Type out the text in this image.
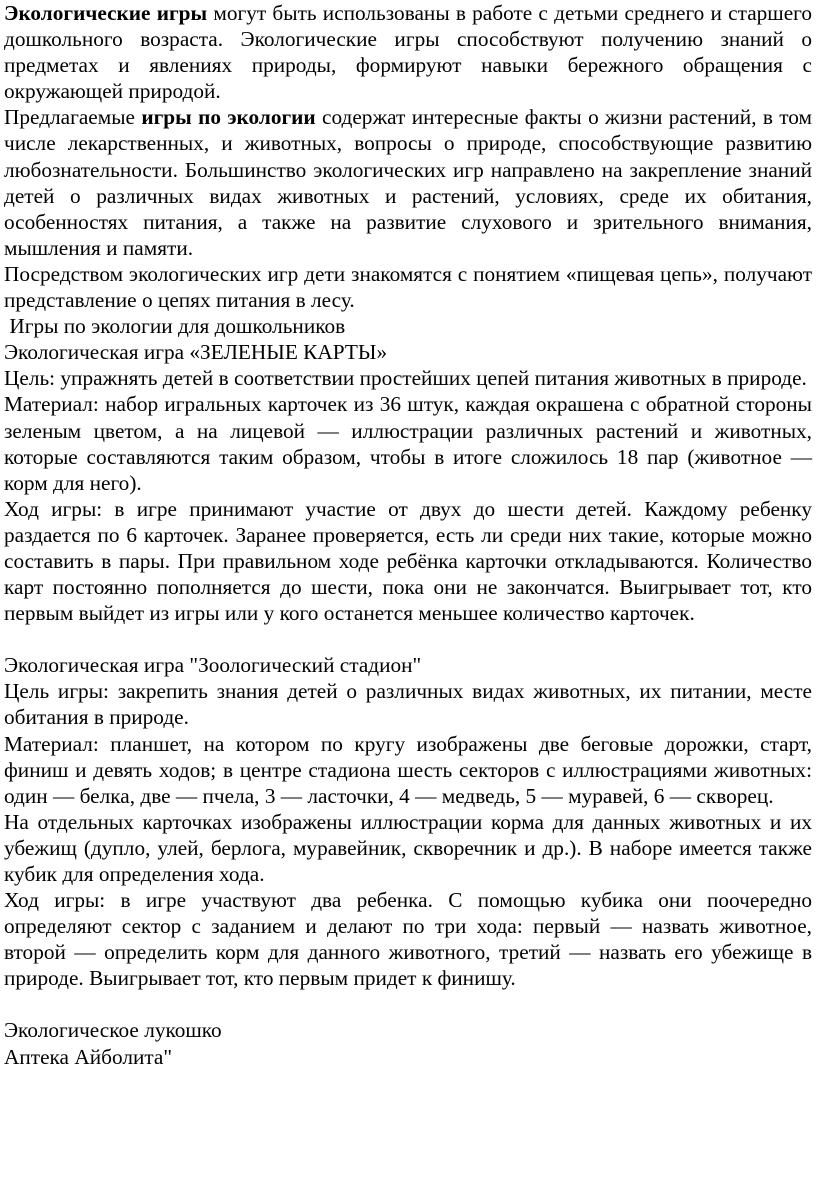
Экологические игры могут быть использованы в работе с детьми среднего и старшего дошкольного возраста. Экологические игры способствуют получению знаний о предметах и явлениях природы, формируют навыки бережного обращения с окружающей природой.

Предлагаемые игры по экологии содержат интересные факты о жизни растений, в том числе лекарственных, и животных, вопросы о природе, способствующие развитию любознательности. Большинство экологических игр направлено на закрепление знаний детей о различных видах животных и растений, условиях, среде их обитания, особенностях питания, а также на развитие слухового и зрительного внимания, мышления и памяти.

Посредством экологических игр дети знакомятся с понятием «пищевая цепь», получают представление о цепях питания в лесу.

Игры по экологии для дошкольников

Экологическая игра «ЗЕЛЕНЫЕ КАРТЫ»

Цель: упражнять детей в соответствии простейших цепей питания животных в природе.

Материал: набор игральных карточек из 36 штук, каждая окрашена с обратной стороны зеленым цветом, а на лицевой — иллюстрации различных растений и животных, которые составляются таким образом, чтобы в итоге сложилось 18 пар (животное — корм для него).

Ход игры: в игре принимают участие от двух до шести детей. Каждому ребенку раздается по 6 карточек. Заранее проверяется, есть ли среди них такие, которые можно составить в пары. При правильном ходе ребёнка карточки откладываются. Количество карт постоянно пополняется до шести, пока они не закончатся. Выигрывает тот, кто первым выйдет из игры или у кого останется меньшее количество карточек.

Экологическая игра "Зоологический стадион"

Цель игры: закрепить знания детей о различных видах животных, их питании, месте обитания в природе.

Материал: планшет, на котором по кругу изображены две беговые дорожки, старт, финиш и девять ходов; в центре стадиона шесть секторов с иллюстрациями животных: один — белка, две — пчела, 3 — ласточки, 4 — медведь, 5 — муравей, 6 — скворец.

На отдельных карточках изображены иллюстрации корма для данных животных и их убежищ (дупло, улей, берлога, муравейник, скворечник и др.). В наборе имеется также кубик для определения хода.

Ход игры: в игре участвуют два ребенка. С помощью кубика они поочередно определяют сектор с заданием и делают по три хода: первый — назвать животное, второй — определить корм для данного животного, третий — назвать его убежище в природе. Выигрывает тот, кто первым придет к финишу.

Экологическое лукошко

Аптека Айболита"
